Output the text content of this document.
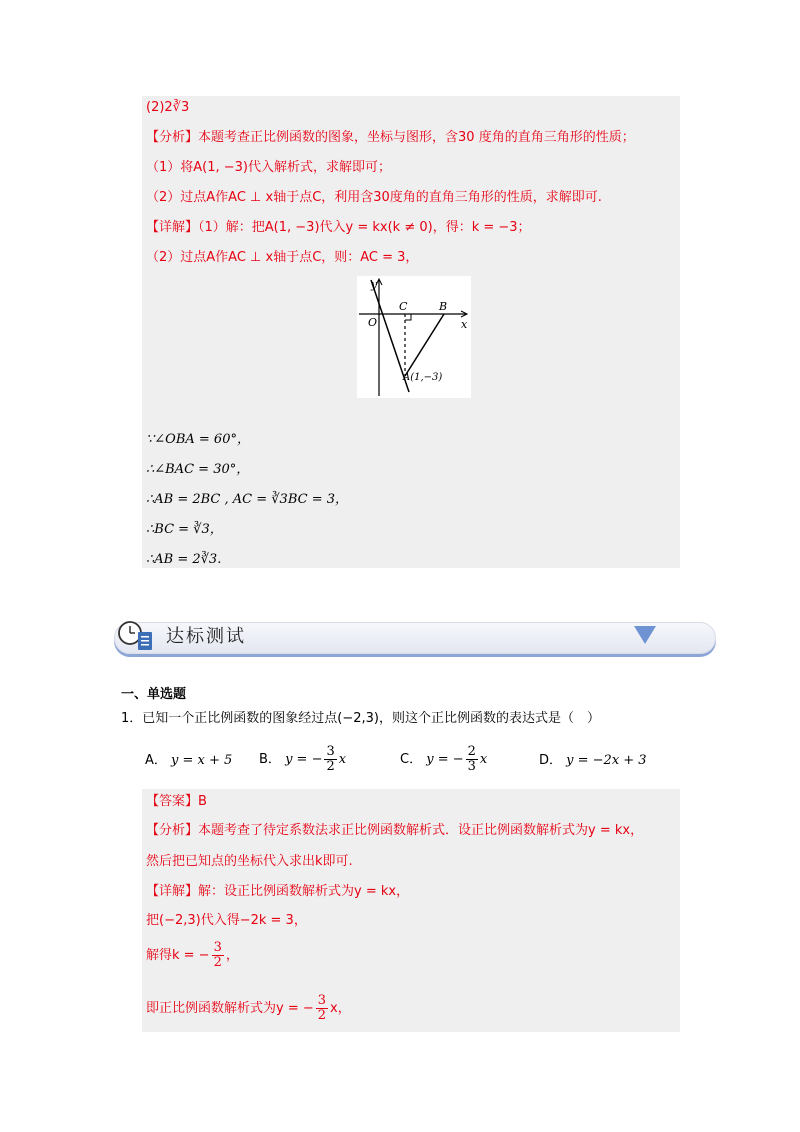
(2)2∛3
【分析】本题考查正比例函数的图象，坐标与图形，含30 度角的直角三角形的性质；
（1）将A(1, −3)代入解析式，求解即可；
（2）过点A作AC ⊥ x轴于点C，利用含30度角的直角三角形的性质，求解即可.
【详解】（1）解：把A(1, −3)代入y = kx(k ≠ 0)，得：k = −3；
（2）过点A作AC ⊥ x轴于点C，则：AC = 3，
y
x
O
C	B
A(1,−3)
∵∠OBA = 60°，
∴∠BAC = 30°，
∴AB = 2BC , AC = ∛3BC = 3，
∴BC = ∛3，
∴AB = 2∛3.
达标测试
一、单选题
1．已知一个正比例函数的图象经过点(−2,3)，则这个正比例函数的表达式是（　）
A． y = x + 5 B． y = − $\frac{3}{2}$ x	C． y = − $\frac{2}{3}$ x	D． y = −2x + 3
【答案】B
【分析】本题考查了待定系数法求正比例函数解析式．设正比例函数解析式为y = kx，
然后把已知点的坐标代入求出k即可.
【详解】解：设正比例函数解析式为y = kx，
把(−2,3)代入得−2k = 3，
解得k = − $\frac{3}{2}$ ，
即正比例函数解析式为y = − $\frac{3}{2}$ x，
